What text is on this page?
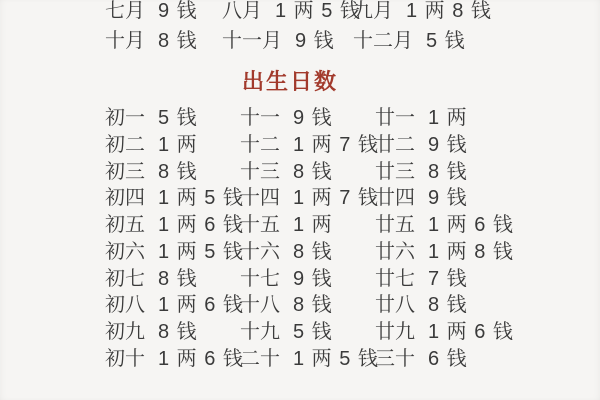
七月 9 钱 八月 1 两 5 钱
九月 1 两 8 钱
十月 8 钱 十一月 9 钱 十二月 5 钱
出生日数
初一 5 钱 十一 9 钱 廿一 1 两
初二 1 两 十二 1 两 7 钱
廿二 9 钱
初三 8 钱 十三 8 钱 廿三 8 钱
初四 1 两 5 钱
十四 1 两 7 钱
廿四 9 钱
初五 1 两 6 钱
十五 1 两 廿五 1 两 6 钱
初六 1 两 5 钱
十六 8 钱 廿六 1 两 8 钱
初七 8 钱 十七 9 钱 廿七 7 钱
初八 1 两 6 钱
十八 8 钱 廿八 8 钱
初九 8 钱 十九 5 钱 廿九 1 两 6 钱
初十 1 两 6 钱
二十 1 两 5 钱
三十 6 钱
